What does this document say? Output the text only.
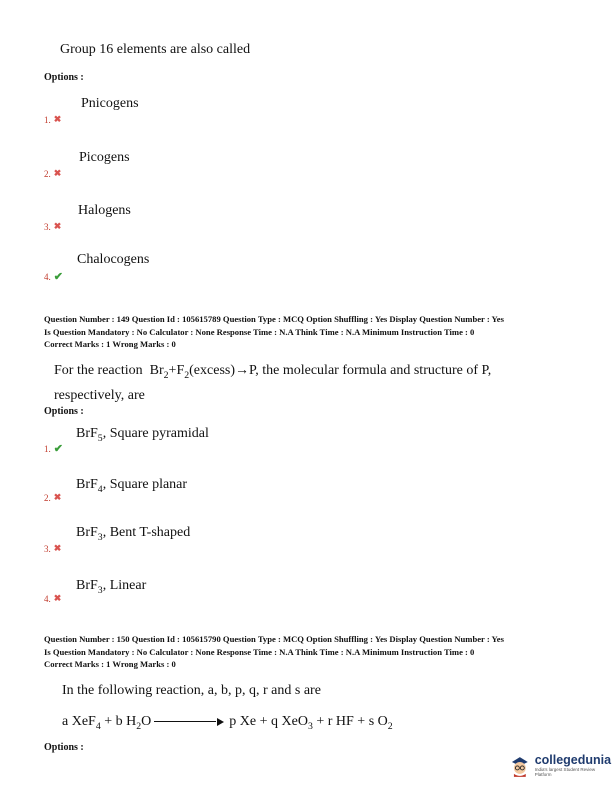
Group 16 elements are also called
Options :
Pnicogens
1. ✖
Picogens
2. ✖
Halogens
3. ✖
Chalocogens
4. ✔
Question Number : 149 Question Id : 105615789 Question Type : MCQ Option Shuffling : Yes Display Question Number : Yes
Is Question Mandatory : No Calculator : None Response Time : N.A Think Time : N.A Minimum Instruction Time : 0
Correct Marks : 1 Wrong Marks : 0
For the reaction $Br_2+F_2(excess)\to P$, the molecular formula and structure of P,
respectively, are
Options :
BrF$_5$, Square pyramidal
1. ✔
BrF$_4$, Square planar
2. ✖
BrF$_3$, Bent T-shaped
3. ✖
BrF$_3$, Linear
4. ✖
Question Number : 150 Question Id : 105615790 Question Type : MCQ Option Shuffling : Yes Display Question Number : Yes
Is Question Mandatory : No Calculator : None Response Time : N.A Think Time : N.A Minimum Instruction Time : 0
Correct Marks : 1 Wrong Marks : 0
In the following reaction, a, b, p, q, r and s are
a XeF$_4$ + b $H_2O$	p Xe + q XeO$_3$ + r HF + s $O_2$
Options :
collegedunia
India's largest Student Review Platform
